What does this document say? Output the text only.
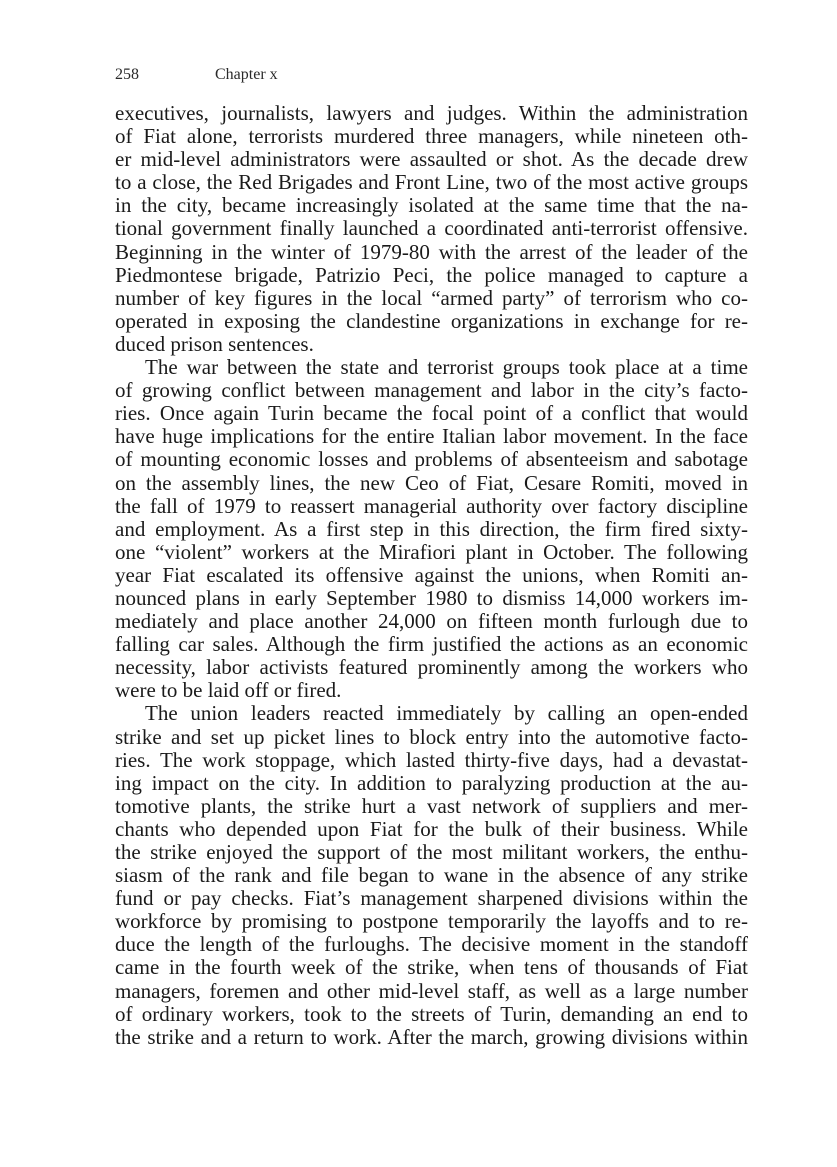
258	Chapter x
executives, journalists, lawyers and judges. Within the administration
of Fiat alone, terrorists murdered three managers, while nineteen oth-
er mid-level administrators were assaulted or shot. As the decade drew
to a close, the Red Brigades and Front Line, two of the most active groups
in the city, became increasingly isolated at the same time that the na-
tional government finally launched a coordinated anti-terrorist offensive.
Beginning in the winter of 1979-80 with the arrest of the leader of the
Piedmontese brigade, Patrizio Peci, the police managed to capture a
number of key figures in the local “armed party” of terrorism who co-
operated in exposing the clandestine organizations in exchange for re-
duced prison sentences.
The war between the state and terrorist groups took place at a time
of growing conflict between management and labor in the city’s facto-
ries. Once again Turin became the focal point of a conflict that would
have huge implications for the entire Italian labor movement. In the face
of mounting economic losses and problems of absenteeism and sabotage
on the assembly lines, the new Ceo of Fiat, Cesare Romiti, moved in
the fall of 1979 to reassert managerial authority over factory discipline
and employment. As a first step in this direction, the firm fired sixty-
one “violent” workers at the Mirafiori plant in October. The following
year Fiat escalated its offensive against the unions, when Romiti an-
nounced plans in early September 1980 to dismiss 14,000 workers im-
mediately and place another 24,000 on fifteen month furlough due to
falling car sales. Although the firm justified the actions as an economic
necessity, labor activists featured prominently among the workers who
were to be laid off or fired.
The union leaders reacted immediately by calling an open-ended
strike and set up picket lines to block entry into the automotive facto-
ries. The work stoppage, which lasted thirty-five days, had a devastat-
ing impact on the city. In addition to paralyzing production at the au-
tomotive plants, the strike hurt a vast network of suppliers and mer-
chants who depended upon Fiat for the bulk of their business. While
the strike enjoyed the support of the most militant workers, the enthu-
siasm of the rank and file began to wane in the absence of any strike
fund or pay checks. Fiat’s management sharpened divisions within the
workforce by promising to postpone temporarily the layoffs and to re-
duce the length of the furloughs. The decisive moment in the standoff
came in the fourth week of the strike, when tens of thousands of Fiat
managers, foremen and other mid-level staff, as well as a large number
of ordinary workers, took to the streets of Turin, demanding an end to
the strike and a return to work. After the march, growing divisions within
